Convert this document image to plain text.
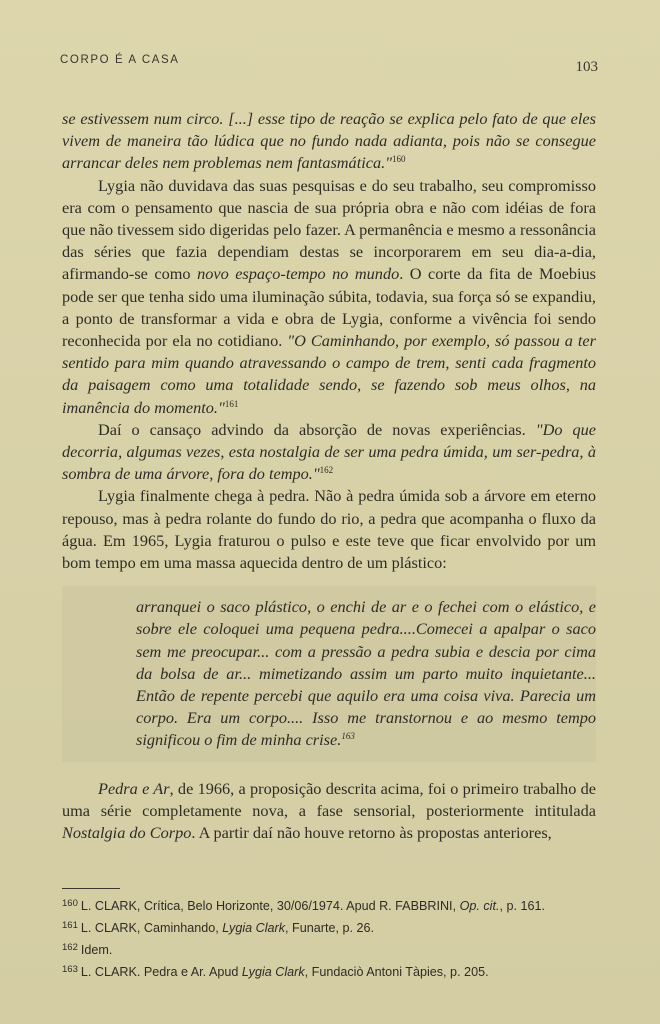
CORPO É A CASA	103

se estivessem num circo. [...] esse tipo de reação se explica pelo fato de que eles vivem de maneira tão lúdica que no fundo nada adianta, pois não se consegue arrancar deles nem problemas nem fantasmática."$^{160}$

Lygia não duvidava das suas pesquisas e do seu trabalho, seu compromisso era com o pensamento que nascia de sua própria obra e não com idéias de fora que não tivessem sido digeridas pelo fazer. A permanência e mesmo a ressonância das séries que fazia dependiam destas se incorporarem em seu dia-a-dia, afirmando-se como novo espaço-tempo no mundo. O corte da fita de Moebius pode ser que tenha sido uma iluminação súbita, todavia, sua força só se expandiu, a ponto de transformar a vida e obra de Lygia, conforme a vivência foi sendo reconhecida por ela no cotidiano. "O Caminhando, por exemplo, só passou a ter sentido para mim quando atravessando o campo de trem, senti cada fragmento da paisagem como uma totalidade sendo, se fazendo sob meus olhos, na imanência do momento."$^{161}$

Daí o cansaço advindo da absorção de novas experiências. "Do que decorria, algumas vezes, esta nostalgia de ser uma pedra úmida, um ser-pedra, à sombra de uma árvore, fora do tempo."$^{162}$

Lygia finalmente chega à pedra. Não à pedra úmida sob a árvore em eterno repouso, mas à pedra rolante do fundo do rio, a pedra que acompanha o fluxo da água. Em 1965, Lygia fraturou o pulso e este teve que ficar envolvido por um bom tempo em uma massa aquecida dentro de um plástico:

arranquei o saco plástico, o enchi de ar e o fechei com o elástico, e sobre ele coloquei uma pequena pedra....Comecei a apalpar o saco sem me preocupar... com a pressão a pedra subia e descia por cima da bolsa de ar... mimetizando assim um parto muito inquietante... Então de repente percebi que aquilo era uma coisa viva. Parecia um corpo. Era um corpo.... Isso me transtornou e ao mesmo tempo significou o fim de minha crise.$^{163}$

Pedra e Ar, de 1966, a proposição descrita acima, foi o primeiro trabalho de uma série completamente nova, a fase sensorial, posteriormente intitulada Nostalgia do Corpo. A partir daí não houve retorno às propostas anteriores,

$^{160}$ L. CLARK, Crítica, Belo Horizonte, 30/06/1974. Apud R. FABBRINI, Op. cit., p. 161.
$^{161}$ L. CLARK, Caminhando, Lygia Clark, Funarte, p. 26.
$^{162}$ Idem.
$^{163}$ L. CLARK. Pedra e Ar. Apud Lygia Clark, Fundaciò Antoni Tàpies, p. 205.
